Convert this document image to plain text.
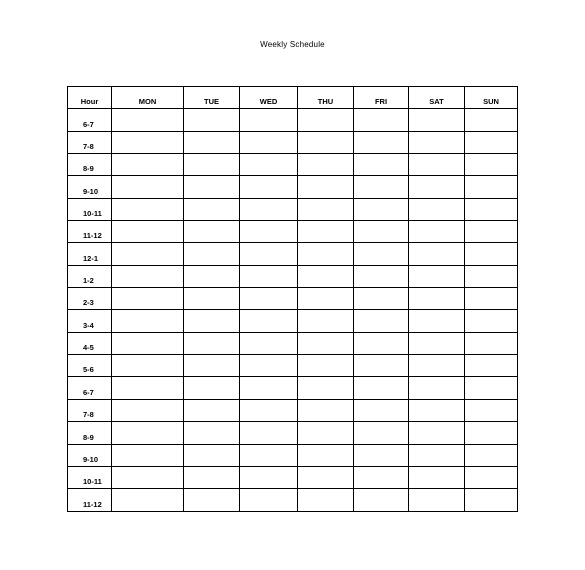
Weekly Schedule
Hour	MON	TUE	WED	THU	FRI	SAT	SUN
6-7							
7-8							
8-9							
9-10							
10-11							
11-12							
12-1							
1-2							
2-3							
3-4							
4-5							
5-6							
6-7							
7-8							
8-9							
9-10							
10-11							
11-12							
